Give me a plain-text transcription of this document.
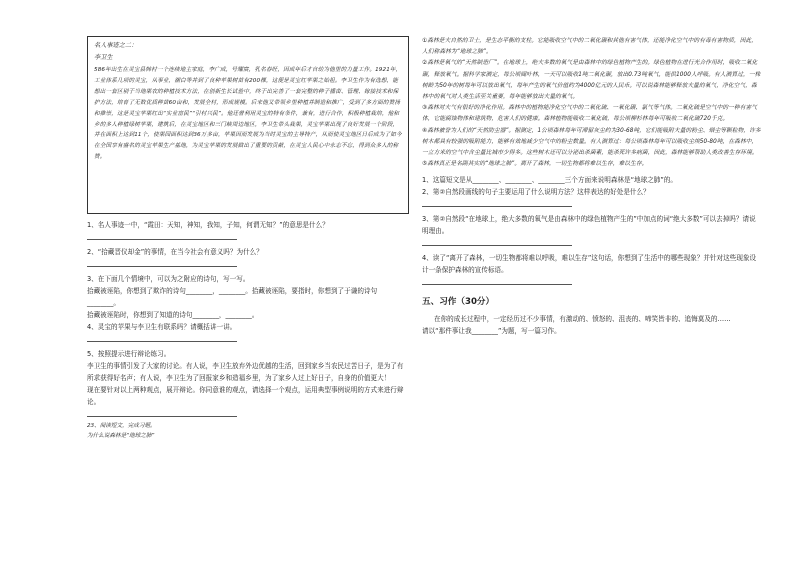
名人事迹之二：
李卫生

586年出生在灵宝县韩村一个连续地主家庭，李广成，号耀宸，乳名春旺，因成年后才自幼为他里的力量工作。1921年，工业体系几项的灵宝，从事业，潮白等并到了良种苹果树苗有200棵，这便是灵宝红苹果之始祖。李卫生作为有选想，能想出一套区别于当地果农的种植技术方法，在创新生长试验中，终于出完善了一套完整的种子播苗、管理、嫁接技术和保护方法，培育了无数优质种苗60亩和，发展全村，形成规模。后来他又带领乡里种植并制造和推广，受到了多方面的赞扬和推崇，这是灵宝苹果红出“实业富民”“引村兴民”。他还曾利用灵宝的特有条件，兼有，进行合作，积极种植栽培，他和乡的多人种植绿树苹果，建筑后，在灵宝地区和三门峡周边地区，李卫生带头栽果，灵宝苹果出现了良好发展一个阶段，并在面积上达到11个，使果园面积达到36万多亩，苹果因而发展为当时灵宝的主导特产，从而使灵宝地区日后成为了如今在全国享有盛名的灵宝苹果生产基地，为灵宝苹果的发展做出了重要的贡献，在灵宝人民心中永志不忘，得到众多人的称赞。

1、名人事迹一中，“霞田：天知，神知，我知，子知，何谓无知？”的意思是什么？

2、“拾藏晋仪却金”的事情，在当今社会有意义吗？为什么？

3、在下面几个情境中，可以为之附应的诗句，写一写。

拾藏被诬陷，你想到了欺诈的诗句________，________。拾藏被诬陷，要指时，你想到了于谦的诗句________。

拾藏被诬陷时，你想到了知道的诗句________，________。

4、灵宝的苹果与李卫生有联系吗？请概括讲一讲。

5、按照提示进行辩论练习。

李卫生的事情引发了大家的讨论。有人说，李卫生放弃外边优越的生活，回到家乡当农民过苦日子，是为了有所求获得好名声；有人说，李卫生为了回报家乡和造福乡里，为了家乡人过上好日子，自身的价值更大！

现在要针对以上两种观点，展开辩论。你同意谁的观点，请选择一个观点，运用典型事例说明的方式来进行辩论。

23、阅读短文，完成习题。

为什么说森林是“地球之肺”

①森林是大自然的卫士，是生态平衡的支柱。它能吸收空气中的二氧化碳和其他有害气体，还能净化空气中的有毒有害物质，因此，人们称森林为“地球之肺”。

②森林是氧气的“天然制造厂”。在地球上，绝大多数的氧气是由森林中的绿色植物产生的。绿色植物在进行光合作用时，吸收二氧化碳，释放氧气。据科学家测定，每公顷阔叶林，一天可以吸收1吨二氧化碳，放出0.73吨氧气，能供1000人呼吸。有人测算过，一株树龄为50年的树每年可以放出氧气，每年产生的氧气价值约为4000亿元的人民币。可以说森林能够释放大量的氧气，净化空气，森林中的氧气对人类生活至关重要，每年能够放出大量的氧气。

③森林对大气有很好的净化作用。森林中的植物能净化空气中的二氧化硫、一氧化碳、氯气等气体。二氧化硫是空气中的一种有害气体，它能腐蚀物体和建筑物，危害人们的健康。森林植物能吸收二氧化硫，每公顷柳杉林每年可吸收二氧化硫720千克。

④森林被誉为人们的“天然防尘器”。据测定，1公顷森林每年可滞留灰尘约为30-68吨，它们能吸附大量的粉尘、烟尘等颗粒物，许多树木都具有较强的吸附能力，能够有效地减少空气中的粉尘数量。有人测算过：每公顷森林每年可以吸收尘埃50-80吨，在森林中，一立方米的空气中含尘量比城市少得多。这些树木还可以分泌出杀菌素，能杀死许多病菌，因此，森林能够帮助人类改善生存环境。

⑤森林真正是名副其实的“地球之肺”。离开了森林，一切生物都将难以生存，难以生存。

1、这篇短文是从________、________、________三个方面来说明森林是“地球之肺”的。

2、第②自然段画线的句子主要运用了什么说明方法？这样表达的好处是什么？

3、第②自然段“在地球上，绝大多数的氧气是由森林中的绿色植物产生的”中加点的词“绝大多数”可以去掉吗？请说明理由。

4、读了“离开了森林，一切生物都将难以呼吸，难以生存”这句话，你想到了生活中的哪些现象？并针对这些现象设计一条保护森林的宣传标语。

五、习作（30分）

在你的成长过程中，一定经历过不少事情，有激动的、愤怒的、沮丧的、啼笑皆非的、追悔莫及的……

请以“那件事让我________”为题，写一篇习作。
